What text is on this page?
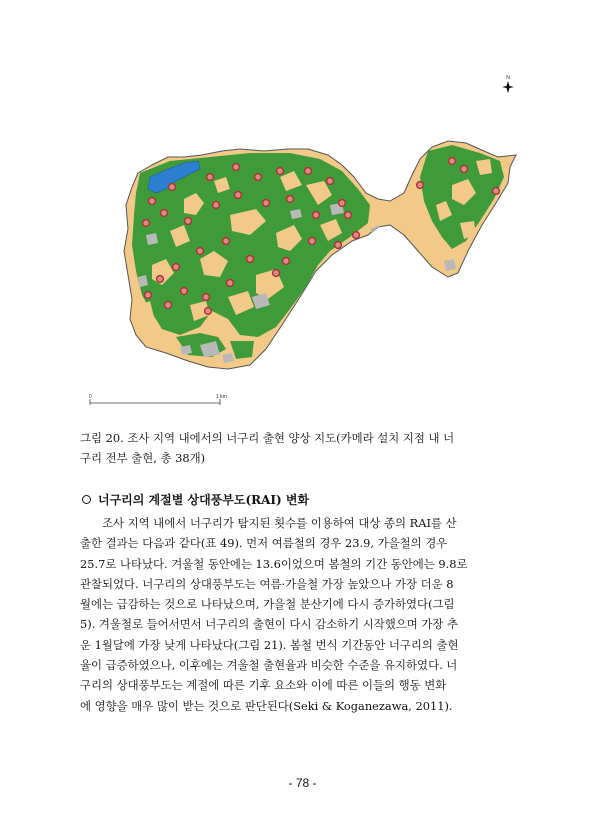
N
0	1 km
그림 20. 조사 지역 내에서의 너구리 출현 양상 지도(카메라 설치 지점 내 너
구리 전부 출현, 총 38개)
너구리의 계절별 상대풍부도(RAI) 변화
조사 지역 내에서 너구리가 탐지된 횟수를 이용하여 대상 종의 RAI를 산
출한 결과는 다음과 같다(표 49). 먼저 여름철의 경우 23.9, 가을철의 경우
25.7로 나타났다. 겨울철 동안에는 13.6이었으며 봄철의 기간 동안에는 9.8로
관찰되었다. 너구리의 상대풍부도는 여름·가을철 가장 높았으나 가장 더운 8
월에는 급감하는 것으로 나타났으며, 가을철 분산기에 다시 증가하였다(그림
5). 겨울철로 들어서면서 너구리의 출현이 다시 감소하기 시작했으며 가장 추
운 1월달에 가장 낮게 나타났다(그림 21). 봄철 번식 기간동안 너구리의 출현
율이 급증하였으나, 이후에는 겨울철 출현율과 비슷한 수준을 유지하였다. 너
구리의 상대풍부도는 계절에 따른 기후 요소와 이에 따른 이들의 행동 변화
에 영향을 매우 많이 받는 것으로 판단된다(Seki & Koganezawa, 2011).
- 78 -
